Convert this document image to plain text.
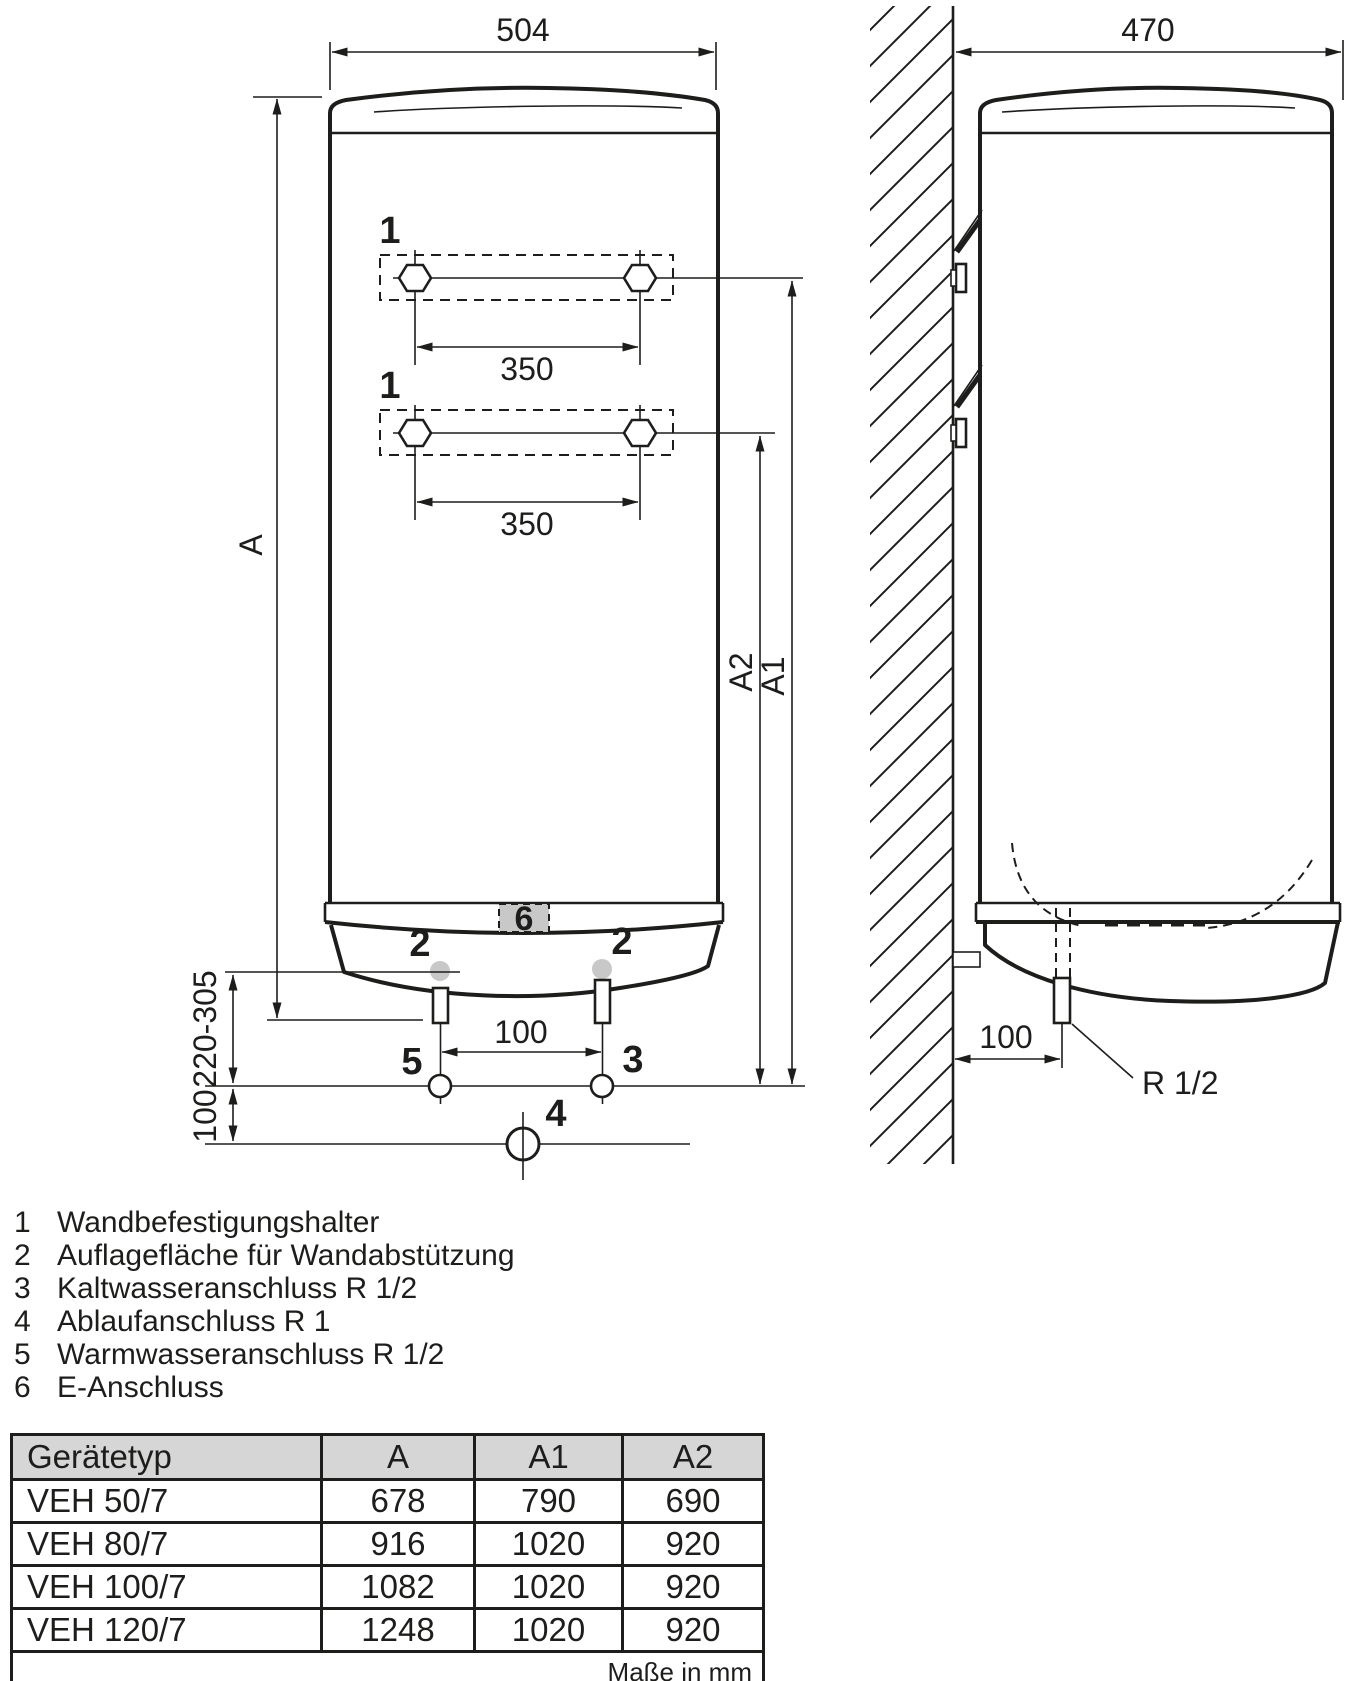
504
A
6
1
350
1
350
A2
A1
2	2
100
220-305
100
5	3
4
470
100
R 1/2
1 Wandbefestigungshalter
2 Auflagefläche für Wandabstützung
3 Kaltwasseranschluss R 1/2
4 Ablaufanschluss R 1
5 Warmwasseranschluss R 1/2
6 E-Anschluss
Gerätetyp	A	A1	A2
VEH 50/7	678	790	690
VEH 80/7	916	1020	920
VEH 100/7	1082	1020	920
VEH 120/7	1248	1020	920
Maße in mm			
